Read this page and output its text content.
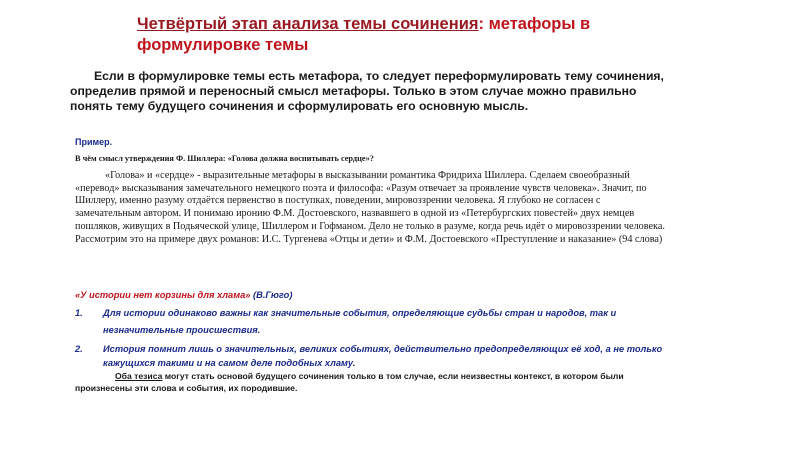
Четвёртый этап анализа темы сочинения: метафоры в формулировке темы
Если в формулировке темы есть метафора, то следует переформулировать тему сочинения, определив прямой и переносный смысл метафоры. Только в этом случае можно правильно понять тему будущего сочинения и сформулировать его основную мысль.
Пример.
В чём смысл утверждения Ф. Шиллера: «Голова должна воспитывать сердце»?
«Голова» и «сердце» - выразительные метафоры в высказывании романтика Фридриха Шиллера. Сделаем своеобразный «перевод» высказывания замечательного немецкого поэта и философа: «Разум отвечает за проявление чувств человека». Значит, по Шиллеру, именно разуму отдаётся первенство в поступках, поведении, мировоззрении человека. Я глубоко не согласен с замечательным автором. И понимаю иронию Ф.М. Достоевского, назвавшего в одной из «Петербургских повестей» двух немцев пошляков, живущих в Подьяческой улице, Шиллером и Гофманом. Дело не только в разуме, когда речь идёт о мировоззрении человека. Рассмотрим это на примере двух романов: И.С. Тургенева «Отцы и дети» и Ф.М. Достоевского «Преступление и наказание» (94 слова)
«У истории нет корзины для хлама» (В.Гюго)
1. Для истории одинаково важны как значительные события, определяющие судьбы стран и народов, так и незначительные происшествия.
2. История помнит лишь о значительных, великих событиях, действительно предопределяющих её ход, а не только кажущихся такими и на самом деле подобных хламу.
Оба тезиса могут стать основой будущего сочинения только в том случае, если неизвестны контекст, в котором были произнесены эти слова и события, их породившие.
